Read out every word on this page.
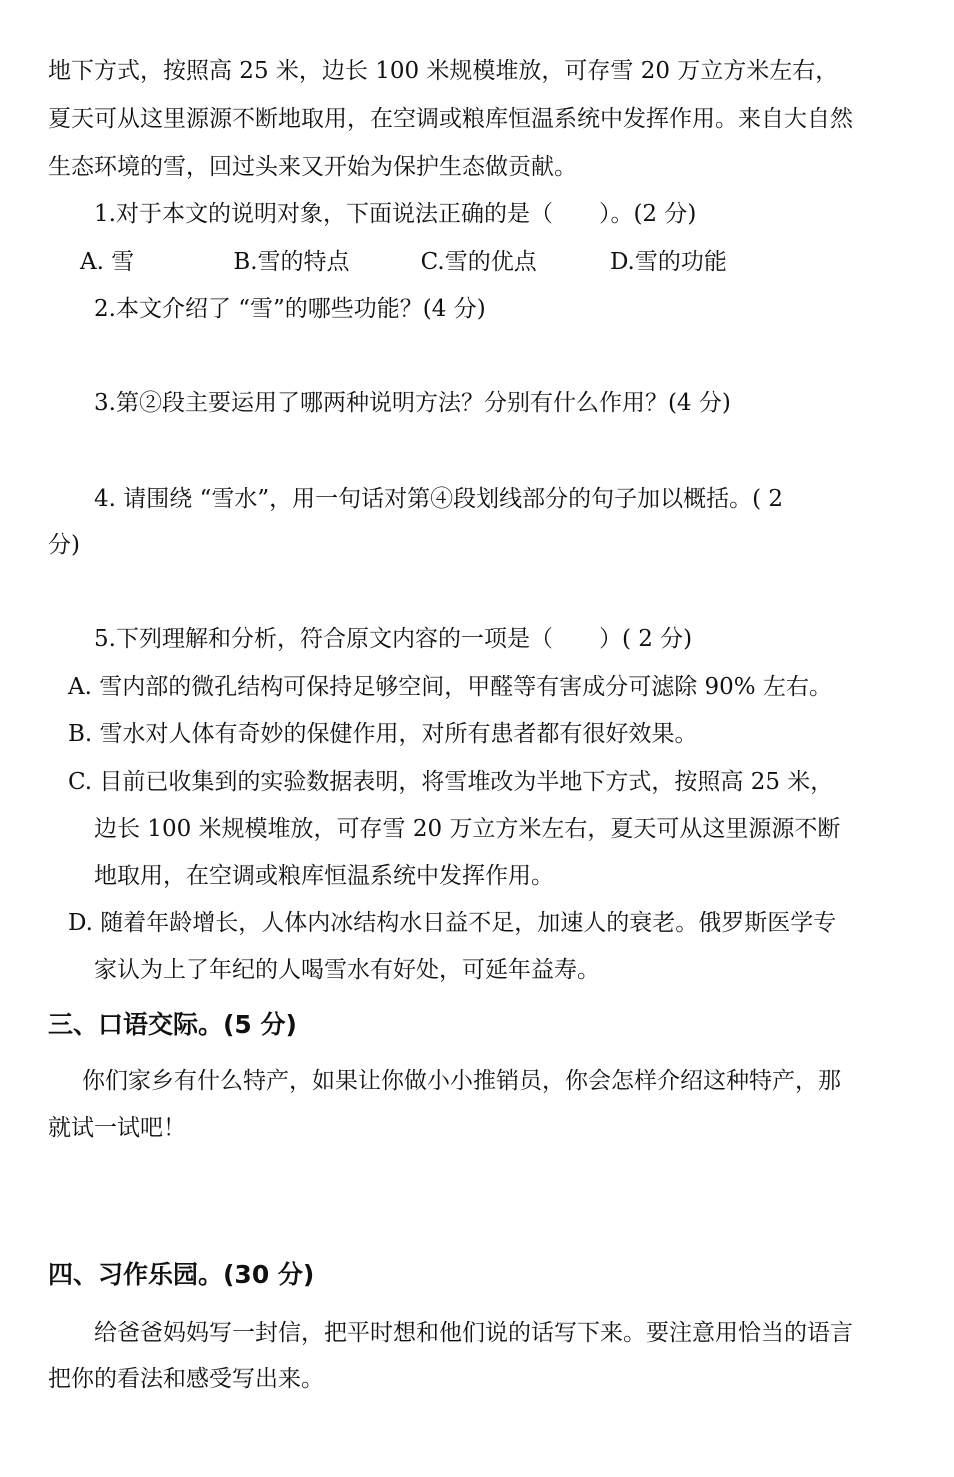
地下方式，按照高 25 米，边长 100 米规模堆放，可存雪 20 万立方米左右，
夏天可从这里源源不断地取用，在空调或粮库恒温系统中发挥作用。来自大自然
生态环境的雪，回过头来又开始为保护生态做贡献。
1.对于本文的说明对象，下面说法正确的是（　　）。(2 分)
A. 雪	B.雪的特点	C.雪的优点	D.雪的功能
2.本文介绍了 “雪”的哪些功能？(4 分)
3.第②段主要运用了哪两种说明方法？分别有什么作用？(4 分)
4. 请围绕 “雪水”，用一句话对第④段划线部分的句子加以概括。( 2
分)
5.下列理解和分析，符合原文内容的一项是（　　）( 2 分)
A. 雪内部的微孔结构可保持足够空间，甲醛等有害成分可滤除 90% 左右。
B. 雪水对人体有奇妙的保健作用，对所有患者都有很好效果。
C. 目前已收集到的实验数据表明，将雪堆改为半地下方式，按照高 25 米，
边长 100 米规模堆放，可存雪 20 万立方米左右，夏天可从这里源源不断
地取用，在空调或粮库恒温系统中发挥作用。
D. 随着年龄增长，人体内冰结构水日益不足，加速人的衰老。俄罗斯医学专
家认为上了年纪的人喝雪水有好处，可延年益寿。
三、口语交际。(5 分)
你们家乡有什么特产，如果让你做小小推销员，你会怎样介绍这种特产，那
就试一试吧！
四、习作乐园。(30 分)
给爸爸妈妈写一封信，把平时想和他们说的话写下来。要注意用恰当的语言
把你的看法和感受写出来。
